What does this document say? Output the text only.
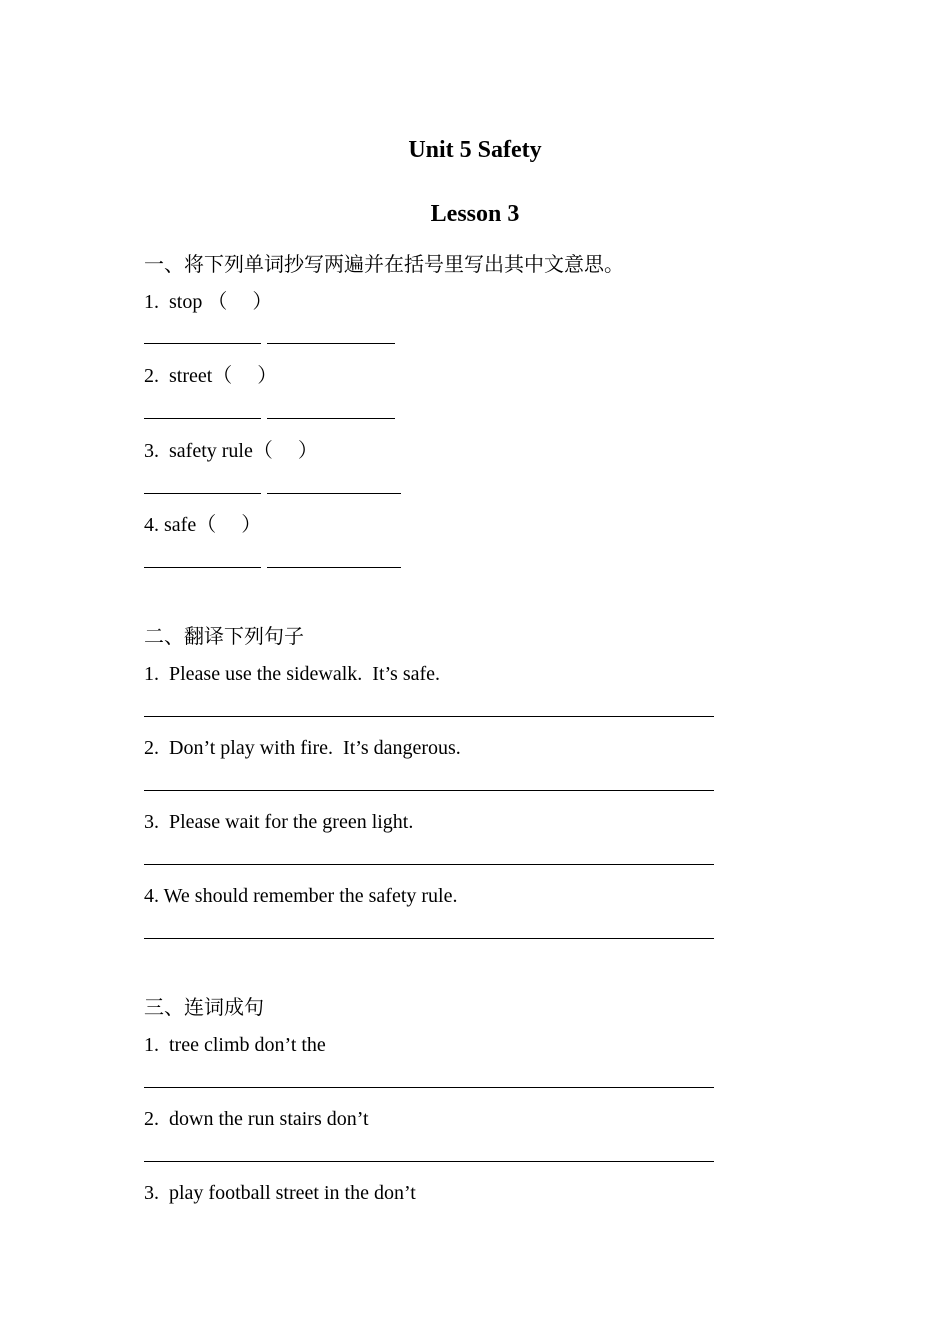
Unit 5 Safety
Lesson 3
一、将下列单词抄写两遍并在括号里写出其中文意思。
1.  stop （     ）
2.  street（     ）
3.  safety rule（     ）
4. safe（     ）
二、翻译下列句子
1.  Please use the sidewalk.  It’s safe.
2.  Don’t play with fire.  It’s dangerous.
3.  Please wait for the green light.
4. We should remember the safety rule.
三、连词成句
1.  tree climb don’t the
2.  down the run stairs don’t
3.  play football street in the don’t
